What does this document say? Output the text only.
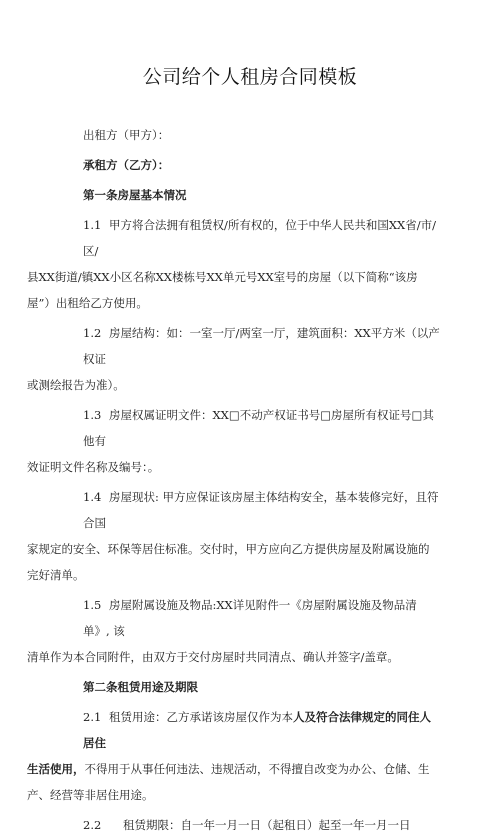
公司给个人租房合同模板

出租方（甲方）：

承租方（乙方）：

第一条房屋基本情况

1.1 甲方将合法拥有租赁权/所有权的，位于中华人民共和国XX省/市/区/

县XX街道/镇XX小区名称XX楼栋号XX单元号XX室号的房屋（以下简称“该房屋”）出租给乙方使用。

1.2 房屋结构：如：一室一厅/两室一厅，建筑面积：XX平方米（以产权证

或测绘报告为准）。

1.3 房屋权属证明文件：XX□不动产权证书号□房屋所有权证号□其他有

效证明文件名称及编号：。

1.4 房屋现状: 甲方应保证该房屋主体结构安全，基本装修完好，且符合国

家规定的安全、环保等居住标准。交付时，甲方应向乙方提供房屋及附属设施的完好清单。

1.5 房屋附属设施及物品:XX详见附件一《房屋附属设施及物品清单》, 该

清单作为本合同附件，由双方于交付房屋时共同清点、确认并签字/盖章。

第二条租赁用途及期限

2.1 租赁用途：乙方承诺该房屋仅作为本人及符合法律规定的同住人居住

生活使用，不得用于从事任何违法、违规活动，不得擅自改变为办公、仓储、生产、经营等非居住用途。

2.2	租赁期限：自一年一月一日（起租日）起至一年一月一日
